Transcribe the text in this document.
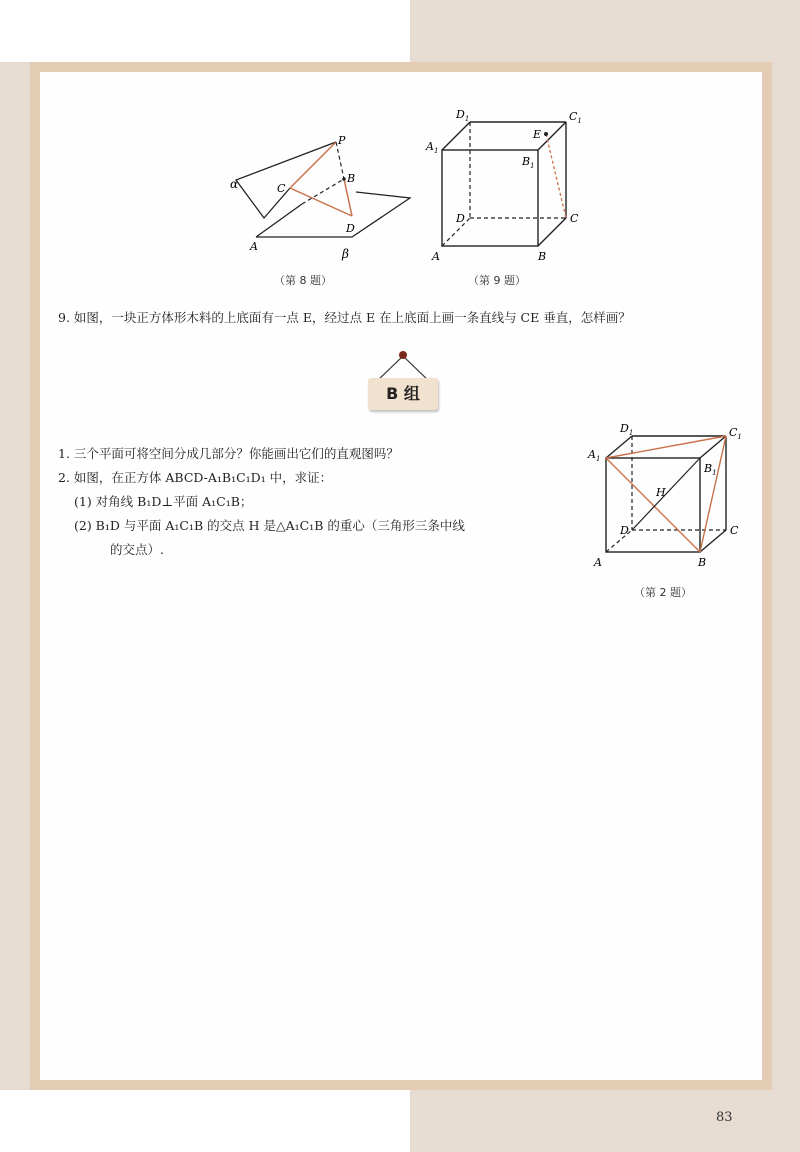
α
β
P
C
B
D
A
（第 8 题）
$D_1$	$C_1$
$A_1$
$B_1$
E
D	C
A	B
（第 9 题）
9. 如图，一块正方体形木料的上底面有一点 E，经过点 E 在上底面上画一条直线与 CE 垂直，怎样画？
B 组
1. 三个平面可将空间分成几部分？你能画出它们的直观图吗？
2. 如图，在正方体 ABCD-A₁B₁C₁D₁ 中，求证：
(1) 对角线 B₁D⊥平面 A₁C₁B；
(2) B₁D 与平面 A₁C₁B 的交点 H 是△A₁C₁B 的重心（三角形三条中线
的交点）.
$D_1$	$C_1$
$A_1$
$B_1$
H
D	C
A	B
（第 2 题）
83
